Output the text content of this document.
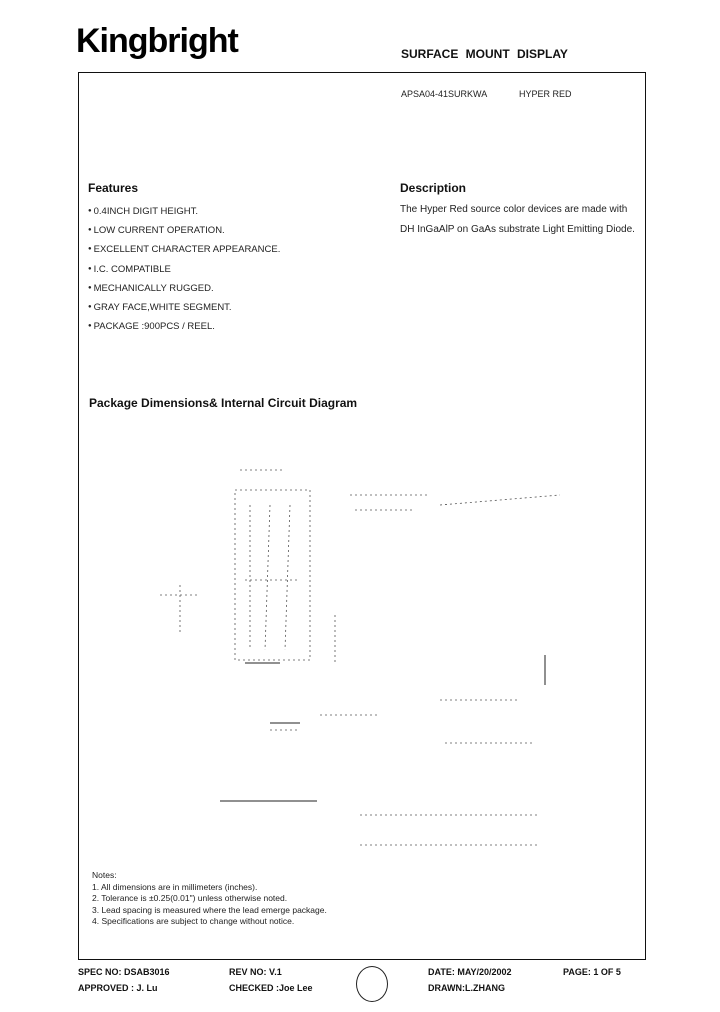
Kingbright	SURFACE MOUNT DISPLAY
APSA04-41SURKWA	HYPER RED
Features
● 0.4INCH DIGIT HEIGHT.
● LOW CURRENT OPERATION.
● EXCELLENT CHARACTER APPEARANCE.
● I.C. COMPATIBLE
● MECHANICALLY RUGGED.
● GRAY FACE,WHITE SEGMENT.
● PACKAGE :900PCS / REEL.
Description
The Hyper Red source color devices are made with DH InGaAlP on GaAs substrate Light Emitting Diode.
Package Dimensions& Internal Circuit Diagram
Notes:
1. All dimensions are in millimeters (inches).
2. Tolerance is ±0.25(0.01") unless otherwise noted.
3. Lead spacing is measured where the lead emerge package.
4. Specifications are subject to change without notice.
SPEC NO: DSAB3016	REV NO: V.1	DATE: MAY/20/2002	PAGE: 1 OF 5
APPROVED : J. Lu	CHECKED :Joe Lee	DRAWN:L.ZHANG
